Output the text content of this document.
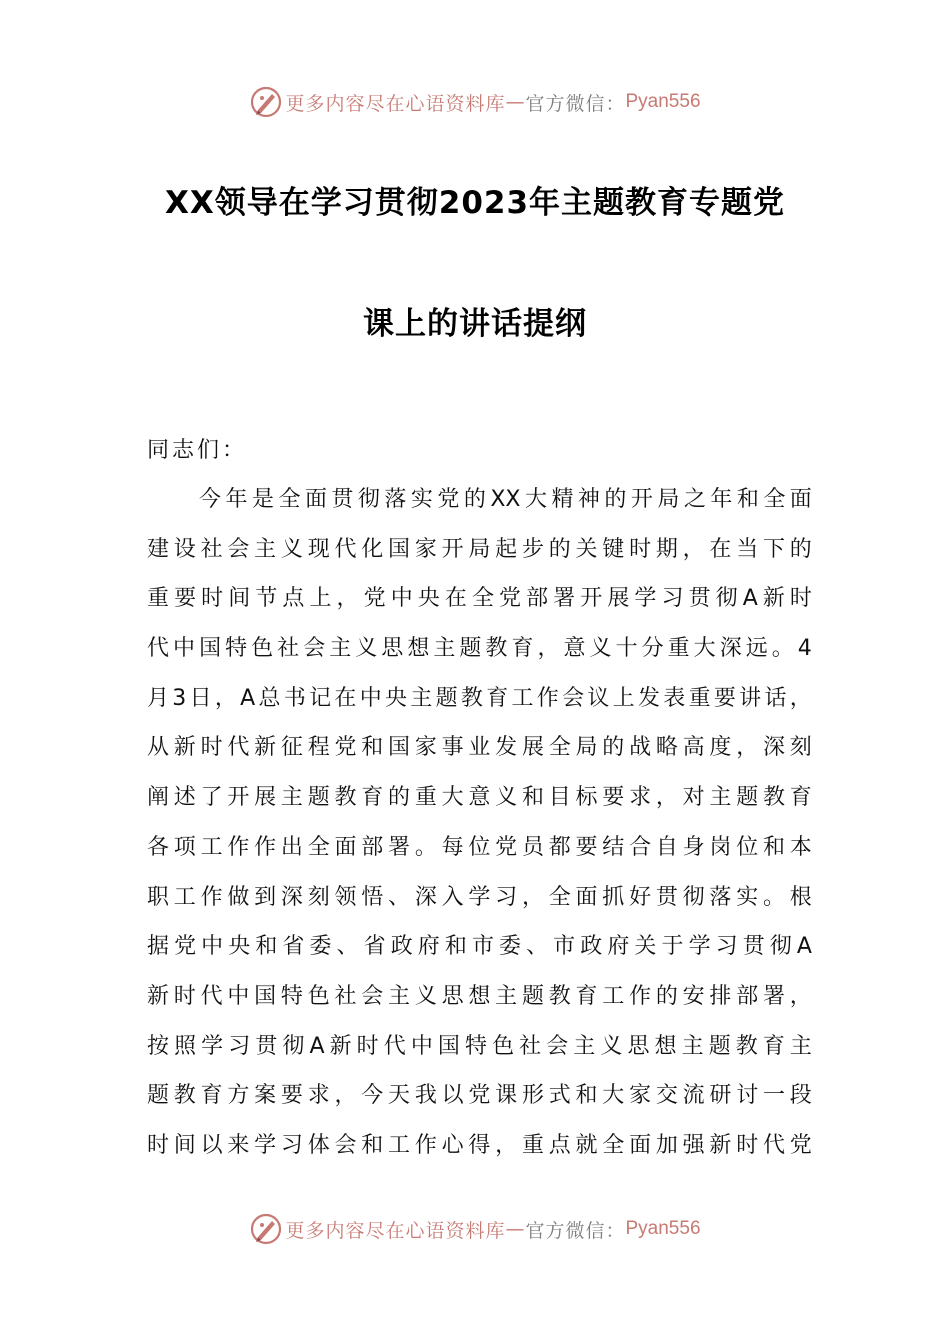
更多内容尽在心语资料库 — 官方微信： Pyan556
XX领导在学习贯彻2023年主题教育专题党
课上的讲话提纲

同志们：

今 年 是 全 面 贯 彻 落 实 党 的 XX 大 精 神 的 开 局 之 年 和 全 面
建 设 社 会 主 义 现 代 化 国 家 开 局 起 步 的 关 键 时 期 ， 在 当 下 的
重 要 时 间 节 点 上 ， 党 中 央 在 全 党 部 署 开 展 学 习 贯 彻 A 新 时
代 中 国 特 色 社 会 主 义 思 想 主 题 教 育 ， 意 义 十 分 重 大 深 远 。 4
月 3 日 ， A 总 书 记 在 中 央 主 题 教 育 工 作 会 议 上 发 表 重 要 讲 话 ，
从 新 时 代 新 征 程 党 和 国 家 事 业 发 展 全 局 的 战 略 高 度 ， 深 刻
阐 述 了 开 展 主 题 教 育 的 重 大 意 义 和 目 标 要 求 ， 对 主 题 教 育
各 项 工 作 作 出 全 面 部 署 。 每 位 党 员 都 要 结 合 自 身 岗 位 和 本
职 工 作 做 到 深 刻 领 悟 、 深 入 学 习 ， 全 面 抓 好 贯 彻 落 实 。 根
据 党 中 央 和 省 委 、 省 政 府 和 市 委 、 市 政 府 关 于 学 习 贯 彻 A
新 时 代 中 国 特 色 社 会 主 义 思 想 主 题 教 育 工 作 的 安 排 部 署 ，
按 照 学 习 贯 彻 A 新 时 代 中 国 特 色 社 会 主 义 思 想 主 题 教 育 主
题 教 育 方 案 要 求 ， 今 天 我 以 党 课 形 式 和 大 家 交 流 研 讨 一 段
时 间 以 来 学 习 体 会 和 工 作 心 得 ， 重 点 就 全 面 加 强 新 时 代 党
更多内容尽在心语资料库 — 官方微信： Pyan556
